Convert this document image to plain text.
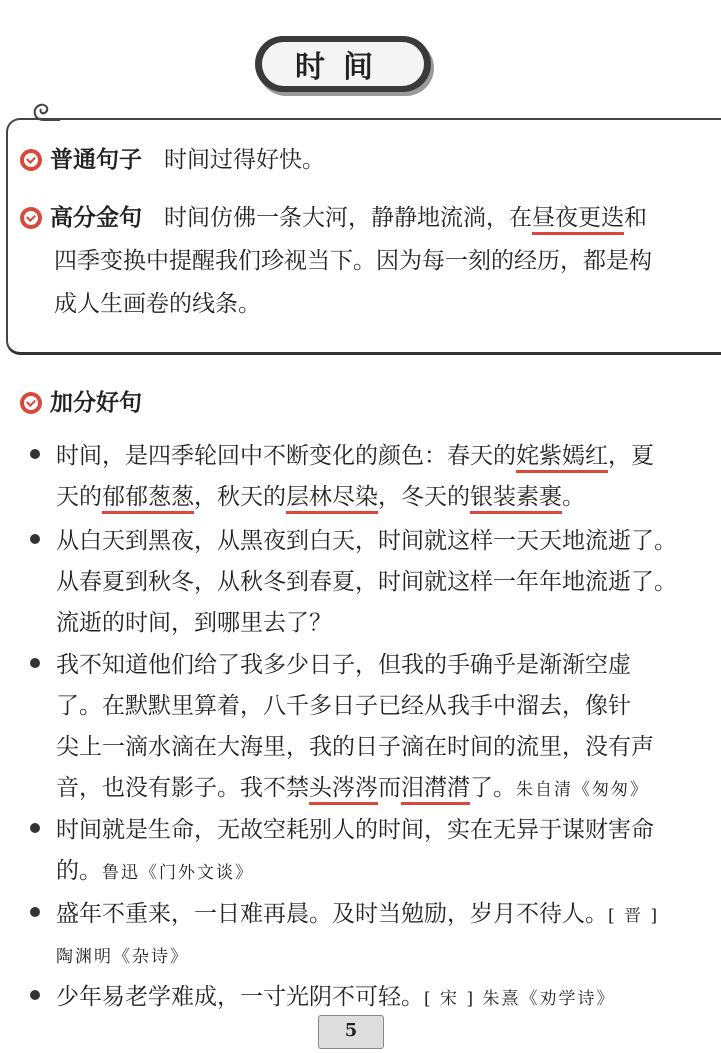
时间
普通句子 时间过得好快。
高分金句 时间仿佛一条大河，静静地流淌，在昼夜更迭和
四季变换中提醒我们珍视当下。因为每一刻的经历，都是构
成人生画卷的线条。
加分好句
时间，是四季轮回中不断变化的颜色：春天的姹紫嫣红，夏
天的郁郁葱葱，秋天的层林尽染，冬天的银装素裹。
从白天到黑夜，从黑夜到白天，时间就这样一天天地流逝了。
从春夏到秋冬，从秋冬到春夏，时间就这样一年年地流逝了。
流逝的时间，到哪里去了？
我不知道他们给了我多少日子，但我的手确乎是渐渐空虚
了。在默默里算着，八千多日子已经从我手中溜去，像针
尖上一滴水滴在大海里，我的日子滴在时间的流里，没有声
音，也没有影子。我不禁头涔涔而泪潸潸了。朱自清《匆匆》
时间就是生命，无故空耗别人的时间，实在无异于谋财害命
的。鲁迅《门外文谈》
盛年不重来，一日难再晨。及时当勉励，岁月不待人。[ 晋 ]
陶渊明《杂诗》
少年易老学难成，一寸光阴不可轻。[ 宋 ] 朱熹《劝学诗》
5
